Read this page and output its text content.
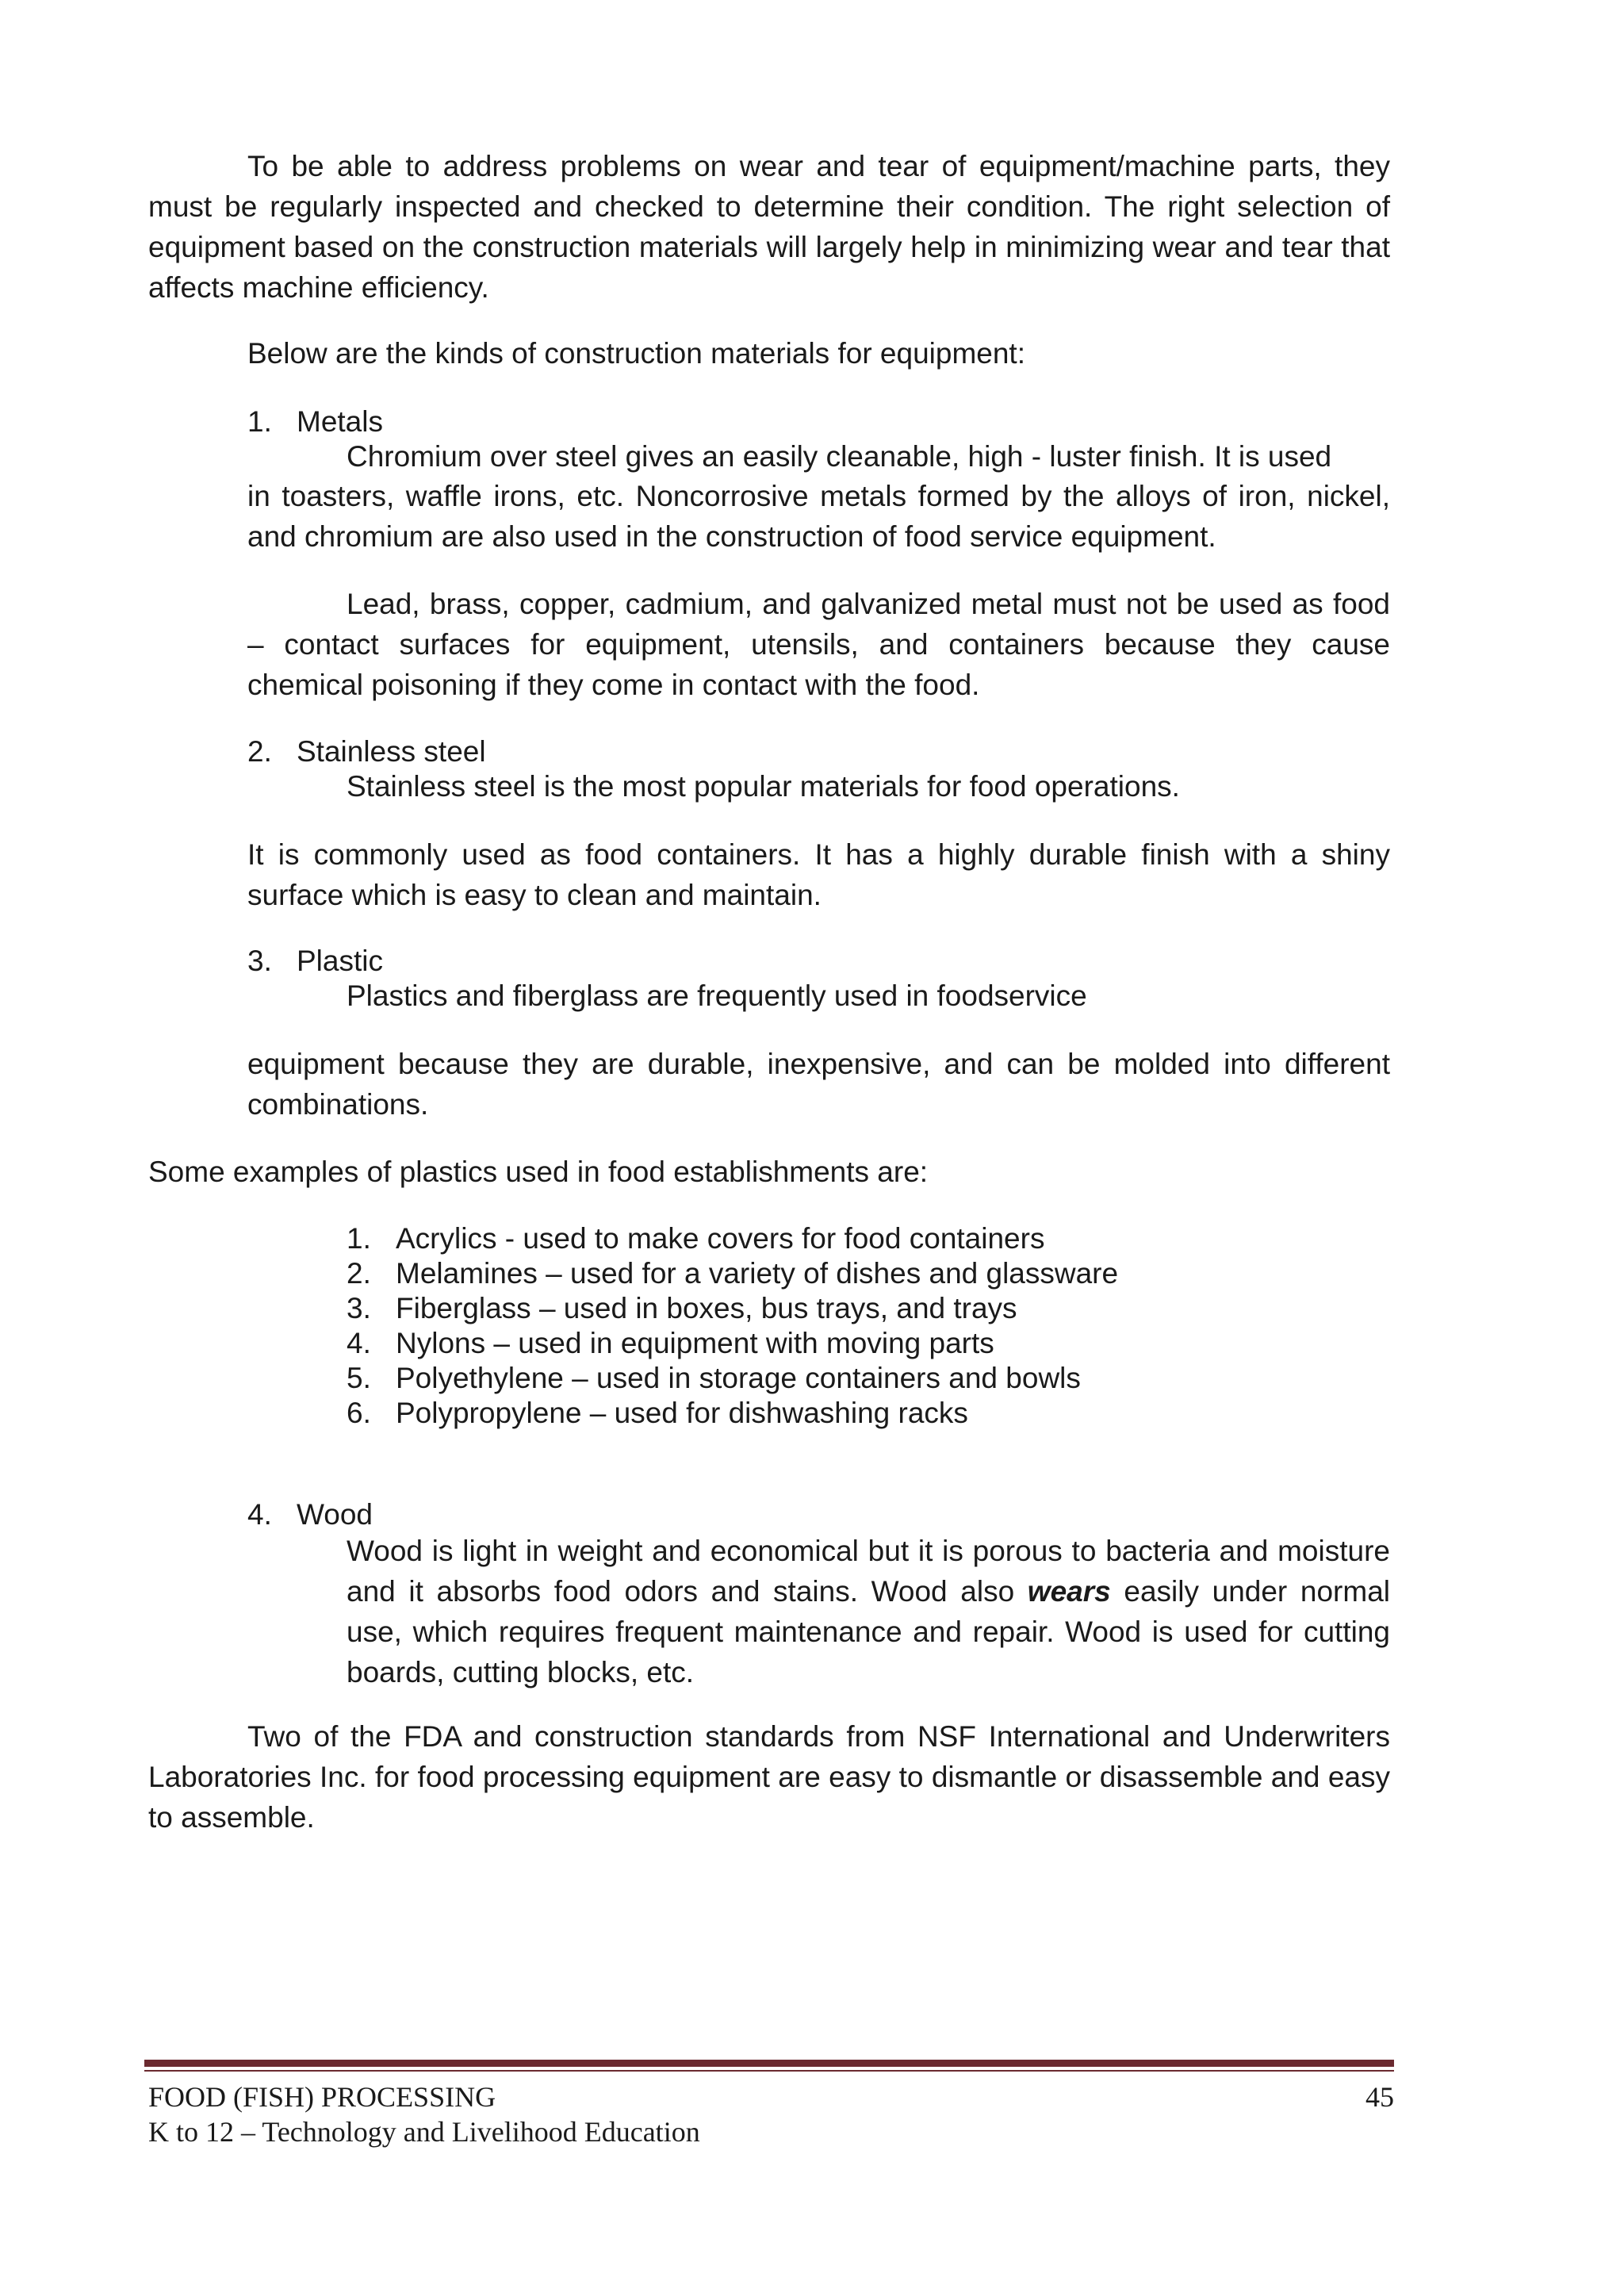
To be able to address problems on wear and tear of equipment/machine parts, they must be regularly inspected and checked to determine their condition. The right selection of equipment based on the construction materials will largely help in minimizing wear and tear that affects machine efficiency.

Below are the kinds of construction materials for equipment:

1. Metals

Chromium over steel gives an easily cleanable, high - luster finish. It is used

in toasters, waffle irons, etc. Noncorrosive metals formed by the alloys of iron, nickel, and chromium are also used in the construction of food service equipment.

Lead, brass, copper, cadmium, and galvanized metal must not be used as food – contact surfaces for equipment, utensils, and containers because they cause chemical poisoning if they come in contact with the food.

2. Stainless steel

Stainless steel is the most popular materials for food operations.

It is commonly used as food containers. It has a highly durable finish with a shiny surface which is easy to clean and maintain.

3. Plastic

Plastics and fiberglass are frequently used in foodservice

equipment because they are durable, inexpensive, and can be molded into different combinations.

Some examples of plastics used in food establishments are:

1. Acrylics - used to make covers for food containers
2. Melamines – used for a variety of dishes and glassware
3. Fiberglass – used in boxes, bus trays, and trays
4. Nylons – used in equipment with moving parts
5. Polyethylene – used in storage containers and bowls
6. Polypropylene – used for dishwashing racks
4. Wood

Wood is light in weight and economical but it is porous to bacteria and moisture and it absorbs food odors and stains. Wood also wears easily under normal use, which requires frequent maintenance and repair. Wood is used for cutting boards, cutting blocks, etc.

Two of the FDA and construction standards from NSF International and Underwriters Laboratories Inc. for food processing equipment are easy to dismantle or disassemble and easy to assemble.

FOOD (FISH) PROCESSING	45
K to 12 – Technology and Livelihood Education
